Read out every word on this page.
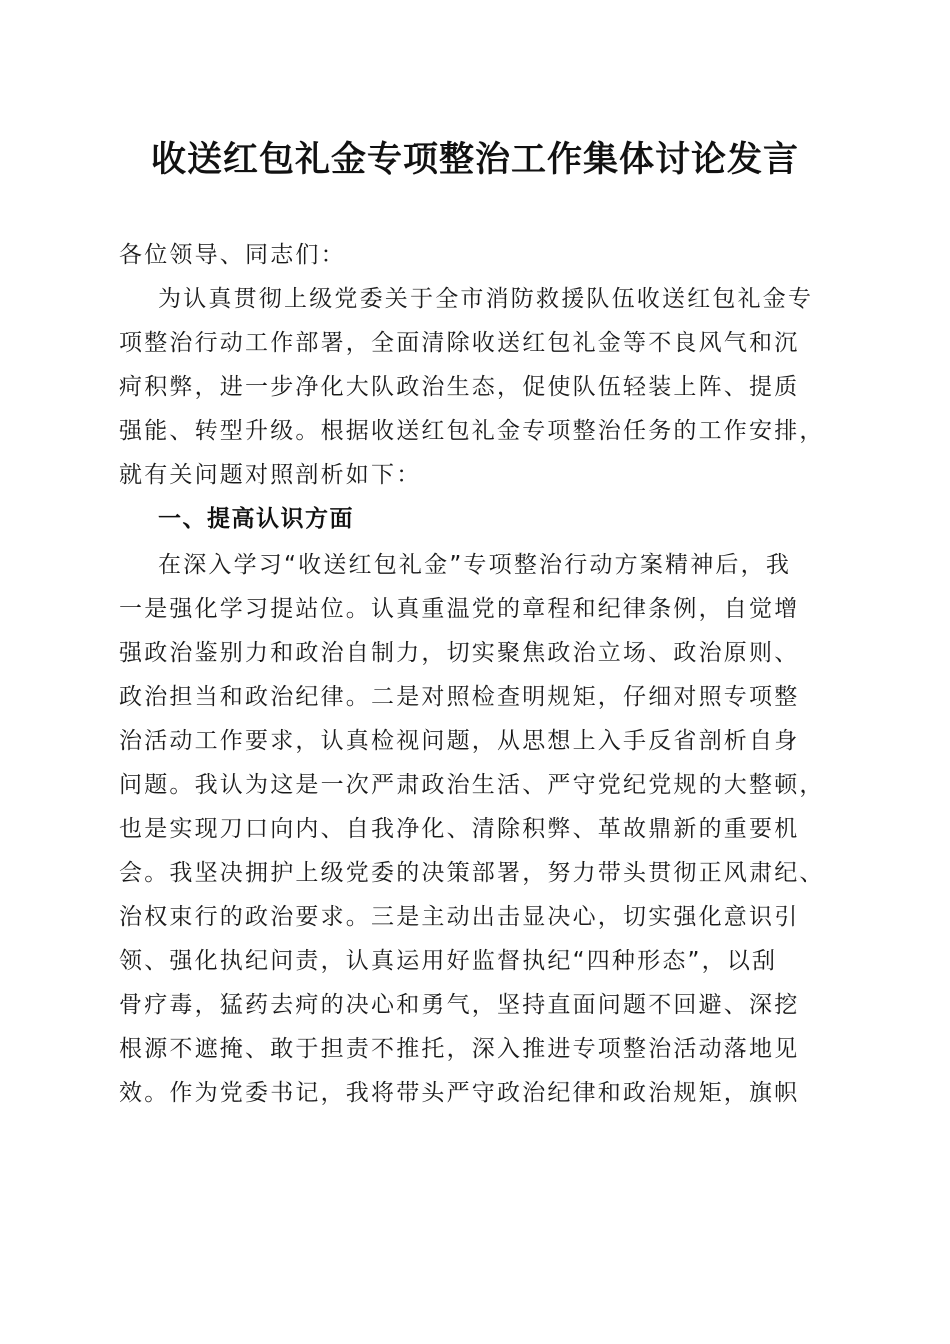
收送红包礼金专项整治工作集体讨论发言
各位领导、同志们：
为认真贯彻上级党委关于全市消防救援队伍收送红包礼金专
项整治行动工作部署，全面清除收送红包礼金等不良风气和沉
疴积弊，进一步净化大队政治生态，促使队伍轻装上阵、提质
强能、转型升级。根据收送红包礼金专项整治任务的工作安排，
就有关问题对照剖析如下：
一、提高认识方面
在深入学习“收送红包礼金”专项整治行动方案精神后，我
一是强化学习提站位。认真重温党的章程和纪律条例，自觉增
强政治鉴别力和政治自制力，切实聚焦政治立场、政治原则、
政治担当和政治纪律。二是对照检查明规矩，仔细对照专项整
治活动工作要求，认真检视问题，从思想上入手反省剖析自身
问题。我认为这是一次严肃政治生活、严守党纪党规的大整顿，
也是实现刀口向内、自我净化、清除积弊、革故鼎新的重要机
会。我坚决拥护上级党委的决策部署，努力带头贯彻正风肃纪、
治权束行的政治要求。三是主动出击显决心，切实强化意识引
领、强化执纪问责，认真运用好监督执纪“四种形态”，以刮
骨疗毒，猛药去疴的决心和勇气，坚持直面问题不回避、深挖
根源不遮掩、敢于担责不推托，深入推进专项整治活动落地见
效。作为党委书记，我将带头严守政治纪律和政治规矩，旗帜
